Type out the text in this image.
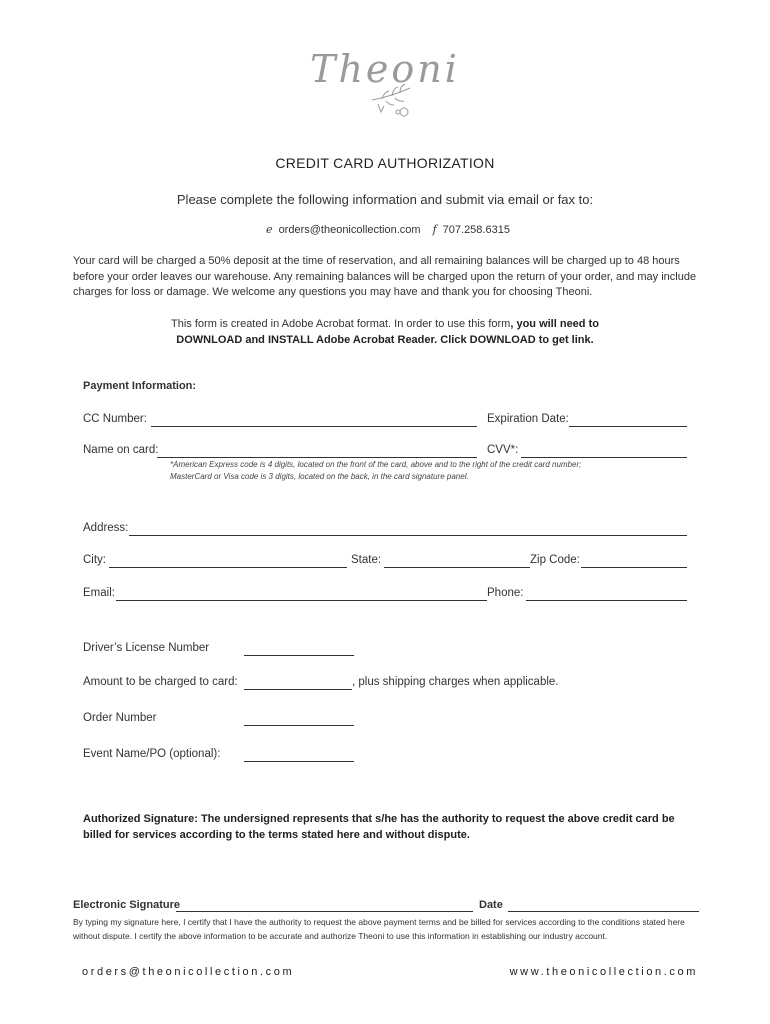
Theoni
CREDIT CARD AUTHORIZATION
Please complete the following information and submit via email or fax to:
e orders@theonicollection.com f 707.258.6315
Your card will be charged a 50% deposit at the time of reservation, and all remaining balances will be charged up to 48 hours before your order leaves our warehouse. Any remaining balances will be charged upon the return of your order, and may include charges for loss or damage. We welcome any questions you may have and thank you for choosing Theoni.
This form is created in Adobe Acrobat format. In order to use this form, you will need to
DOWNLOAD and INSTALL Adobe Acrobat Reader. Click DOWNLOAD to get link.
Payment Information:
CC Number:	Expiration Date:
Name on card:	CVV*:
*American Express code is 4 digits, located on the front of the card, above and to the right of the credit card number;
MasterCard or Visa code is 3 digits, located on the back, in the card signature panel.
Address:
City:	State:	Zip Code:
Email:	Phone:
Driver’s License Number
Amount to be charged to card:	, plus shipping charges when applicable.
Order Number
Event Name/PO (optional):
Authorized Signature: The undersigned represents that s/he has the authority to request the above credit card be billed for services according to the terms stated here and without dispute.
Electronic Signature	Date
By typing my signature here, I certify that I have the authority to request the above payment terms and be billed for services according to the conditions stated here without dispute. I certify the above information to be accurate and authorize Theoni to use this information in establishing our industry account.
orders@theonicollection.com	www.theonicollection.com
